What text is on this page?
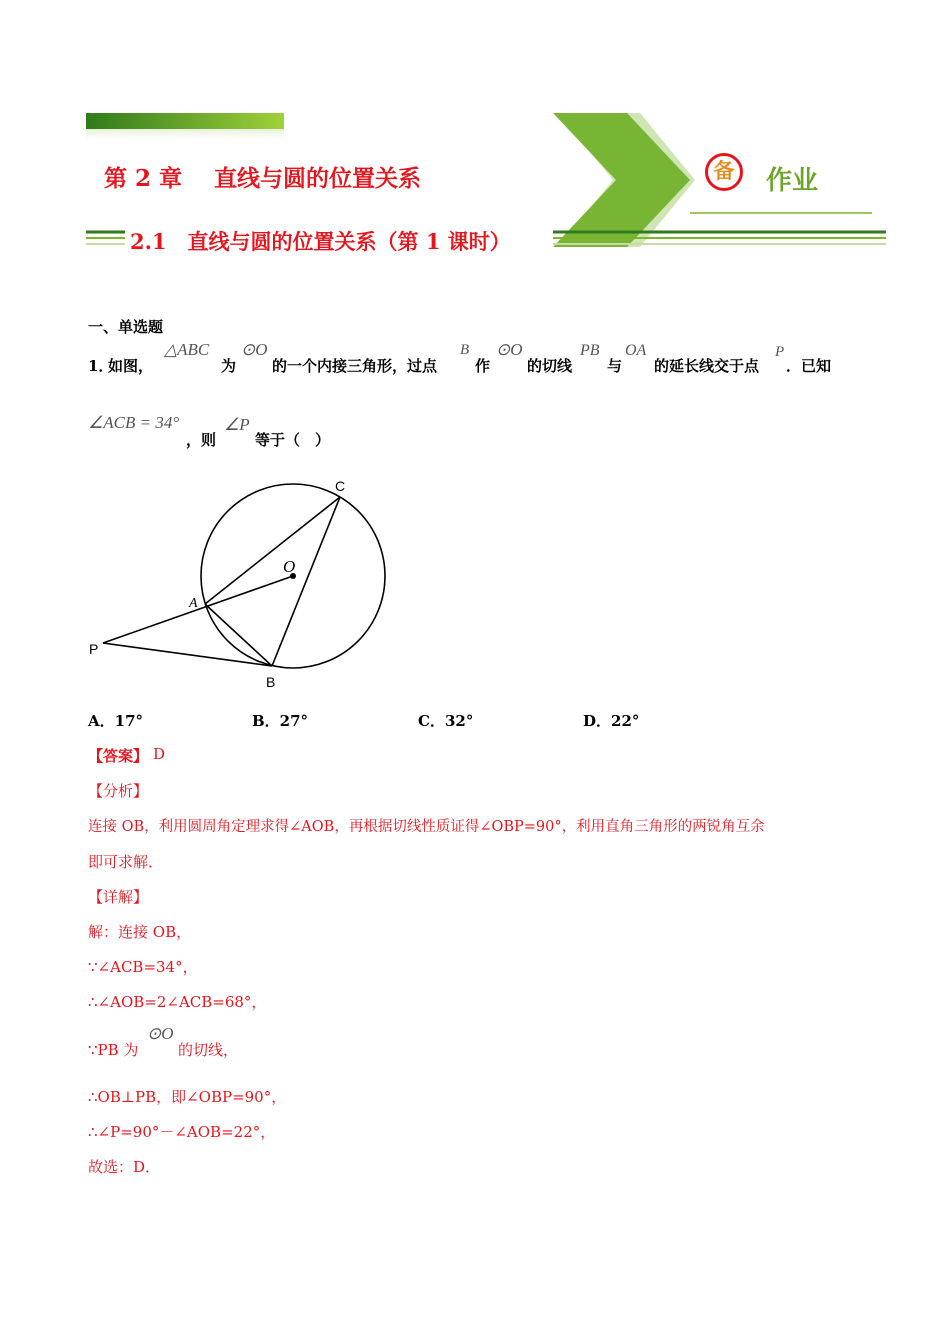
第 2 章 直线与圆的位置关系	备	作业
2.1　直线与圆的位置关系（第 1 课时）
一、单选题
1．
如图，
△ABC
为
⊙O
的一个内接三角形，过点
B
作
⊙O
的切线
PB
与
OA
的延长线交于点
P
．已知
∠ACB = 34°
，则
∠P
等于（　）
C
O
A
P
B
A．17°	B．27°	C．32°	D．22°
【答案】 D
【分析】
连接 OB，利用圆周角定理求得∠AOB，再根据切线性质证得∠OBP=90°，利用直角三角形的两锐角互余
即可求解．
【详解】
解：连接 OB，
∵∠ACB=34°，
∴∠AOB=2∠ACB=68°，
∵PB 为
⊙O
的切线，
∴OB⊥PB，即∠OBP=90°，
∴∠P=90°－∠AOB=22°，
故选：D．
